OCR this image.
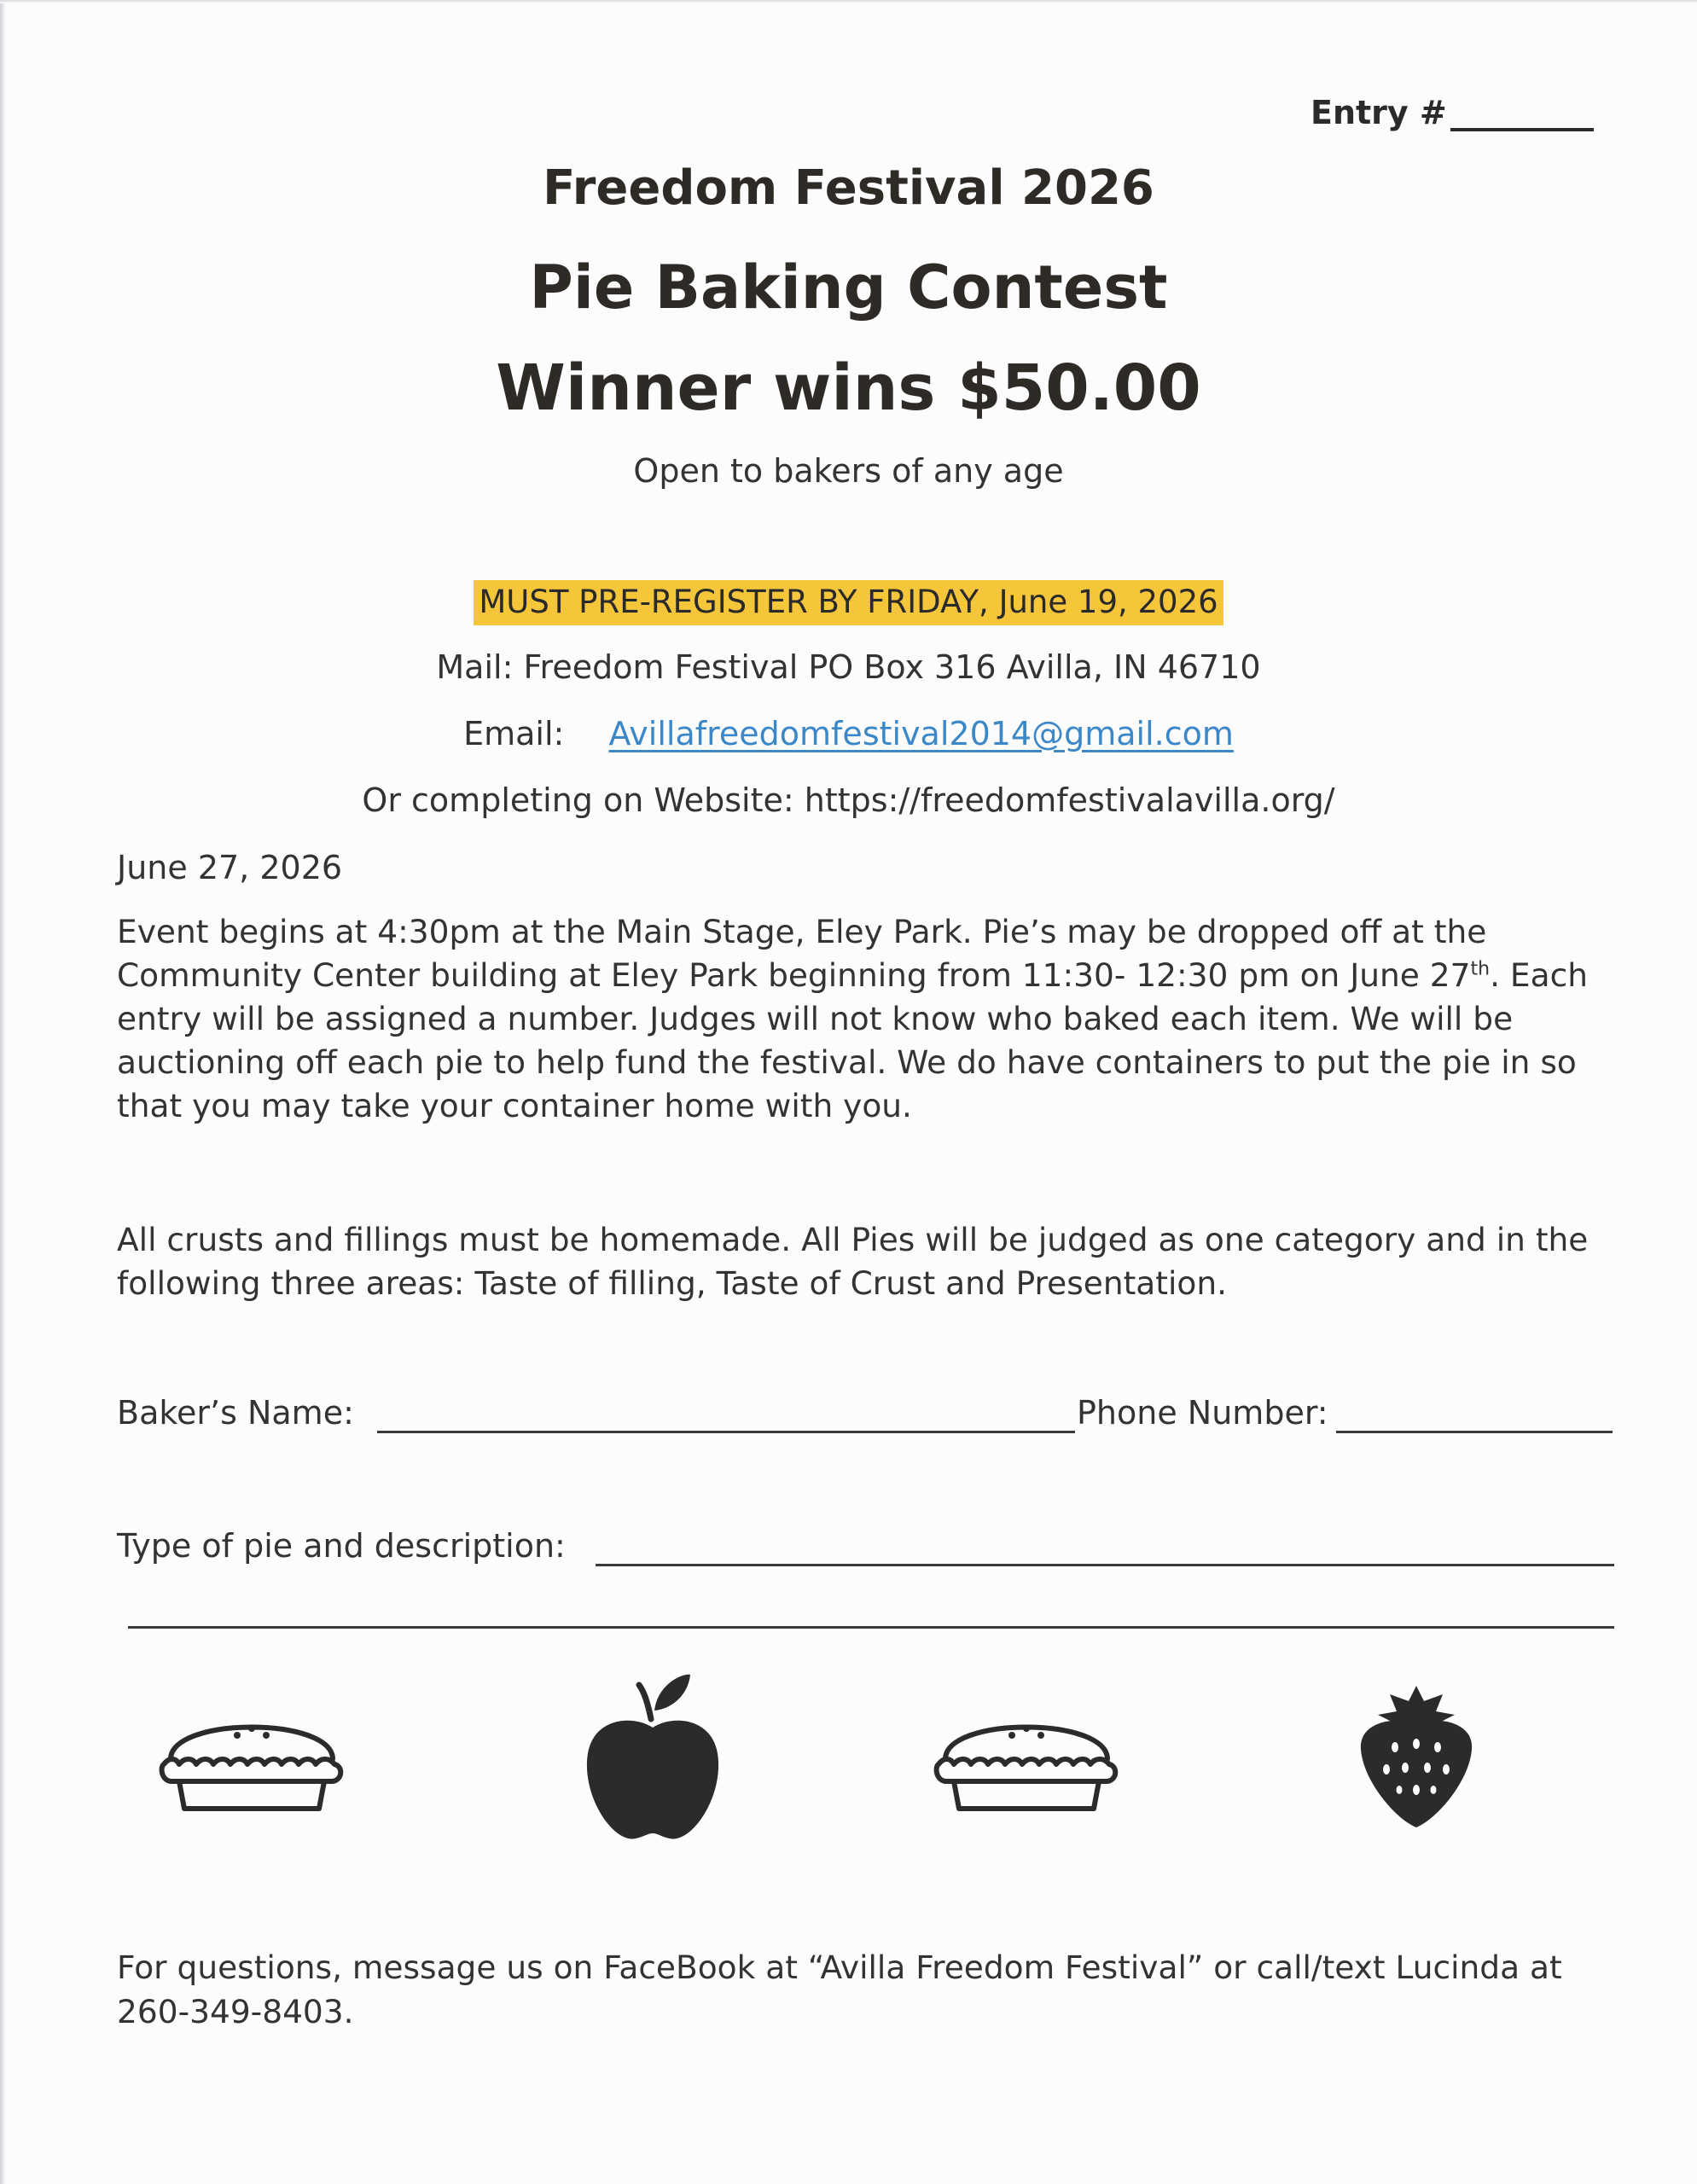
Entry #
Freedom Festival 2026
Pie Baking Contest
Winner wins $50.00
Open to bakers of any age
MUST PRE-REGISTER BY FRIDAY, June 19, 2026
Mail: Freedom Festival PO Box 316 Avilla, IN 46710
Email: Avillafreedomfestival2014@gmail.com
Or completing on Website: https://freedomfestivalavilla.org/
June 27, 2026
Event begins at 4:30pm at the Main Stage, Eley Park. Pie’s may be dropped off at the Community Center building at Eley Park beginning from 11:30- 12:30 pm on June 27th. Each entry will be assigned a number. Judges will not know who baked each item. We will be auctioning off each pie to help fund the festival. We do have containers to put the pie in so that you may take your container home with you.
All crusts and fillings must be homemade. All Pies will be judged as one category and in the following three areas: Taste of filling, Taste of Crust and Presentation.
Baker’s Name:	Phone Number:
Type of pie and description:
For questions, message us on FaceBook at “Avilla Freedom Festival” or call/text Lucinda at 260-349-8403.
